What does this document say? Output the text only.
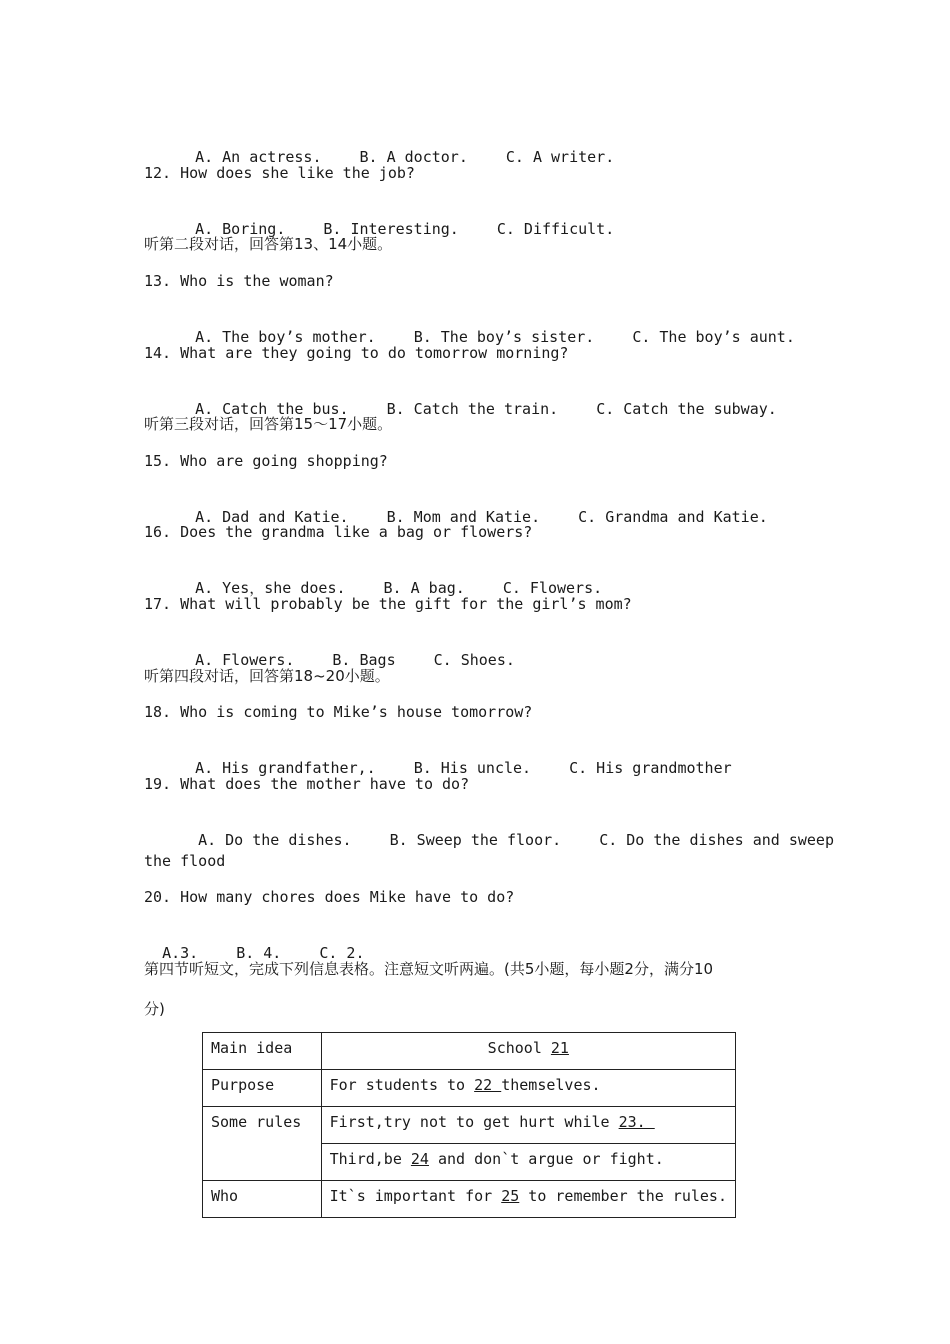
A. An actress.	B. A doctor.	C. A writer.

12. How does she like the job?

A. Boring.	B. Interesting.	C. Difficult.

听第二段对话，回答第13、14小题。
13. Who is the woman?

A. The boy’s mother.	B. The boy’s sister.	C. The boy’s aunt.

14. What are they going to do tomorrow morning?

A. Catch the bus.	B. Catch the train.	C. Catch the subway.

听第三段对话，回答第15～17小题。
15. Who are going shopping?

A. Dad and Katie.	B. Mom and Katie.	C. Grandma and Katie.

16. Does the grandma like a bag or flowers?

A. Yes，she does.	B. A bag.	C. Flowers.

17. What will probably be the gift for the girl’s mom?

A. Flowers.	B. Bags	C. Shoes.

听第四段对话，回答第18~20小题。
18. Who is coming to Mike’s house tomorrow?

A. His grandfather,.	B. His uncle.	C. His grandmother

19. What does the mother have to do?

A. Do the dishes.	B. Sweep the floor.	C. Do the dishes and sweep

the flood
20. How many chores does Mike have to do?

A.3.	B. 4.	C. 2.

第四节听短文，完成下列信息表格。注意短文听两遍。(共5小题，每小题2分，满分10
分)
Main idea	School 21
Purpose	For students to 22 themselves.
Some rules	First,try not to get hurt while 23.
	Third,be 24 and don`t argue or fight.
Who	It`s important for 25 to remember the rules.
